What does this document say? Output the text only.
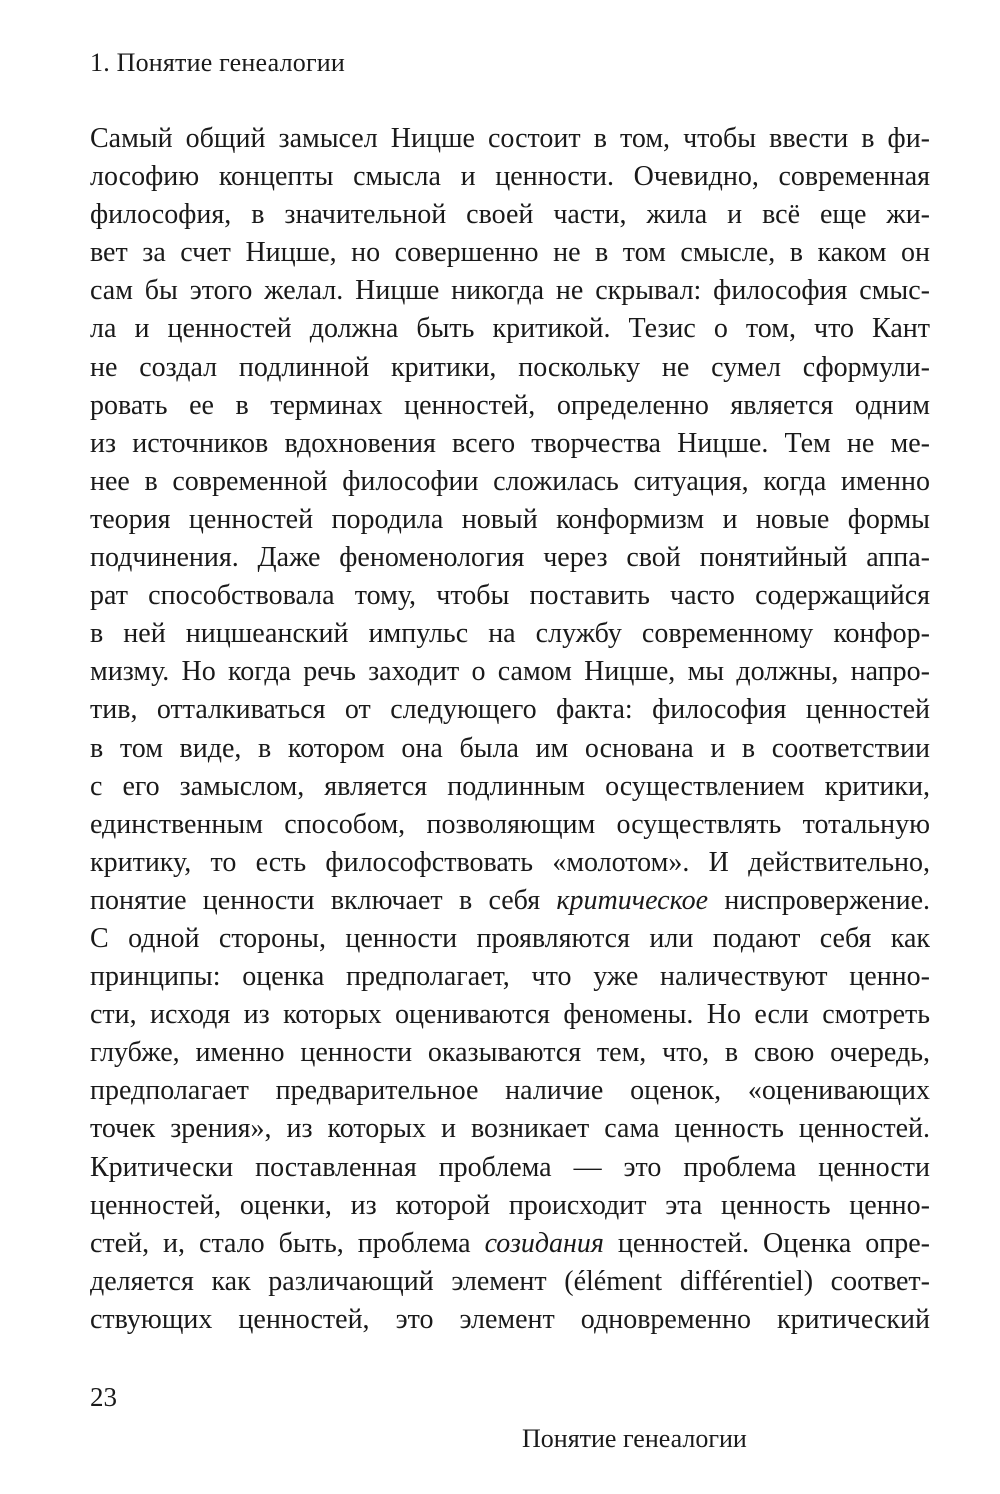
1. Понятие генеалогии
Самый общий замысел Ницше состоит в том, чтобы ввести в фи-
лософию концепты смысла и ценности. Очевидно, современная
философия, в значительной своей части, жила и всё еще жи-
вет за счет Ницше, но совершенно не в том смысле, в каком он
сам бы этого желал. Ницше никогда не скрывал: философия смыс-
ла и ценностей должна быть критикой. Тезис о том, что Кант
не создал подлинной критики, поскольку не сумел сформули-
ровать ее в терминах ценностей, определенно является одним
из источников вдохновения всего творчества Ницше. Тем не ме-
нее в современной философии сложилась ситуация, когда именно
теория ценностей породила новый конформизм и новые формы
подчинения. Даже феноменология через свой понятийный аппа-
рат способствовала тому, чтобы поставить часто содержащийся
в ней ницшеанский импульс на службу современному конфор-
мизму. Но когда речь заходит о самом Ницше, мы должны, напро-
тив, отталкиваться от следующего факта: философия ценностей
в том виде, в котором она была им основана и в соответствии
с его замыслом, является подлинным осуществлением критики,
единственным способом, позволяющим осуществлять тотальную
критику, то есть философствовать «молотом». И действительно,
понятие ценности включает в себя критическое ниспровержение.
С одной стороны, ценности проявляются или подают себя как
принципы: оценка предполагает, что уже наличествуют ценно-
сти, исходя из которых оцениваются феномены. Но если смотреть
глубже, именно ценности оказываются тем, что, в свою очередь,
предполагает предварительное наличие оценок, «оценивающих
точек зрения», из которых и возникает сама ценность ценностей.
Критически поставленная проблема — это проблема ценности
ценностей, оценки, из которой происходит эта ценность ценно-
стей, и, стало быть, проблема созидания ценностей. Оценка опре-
деляется как различающий элемент (élément différentiel) соответ-
ствующих ценностей, это элемент одновременно критический
23
Понятие генеалогии
